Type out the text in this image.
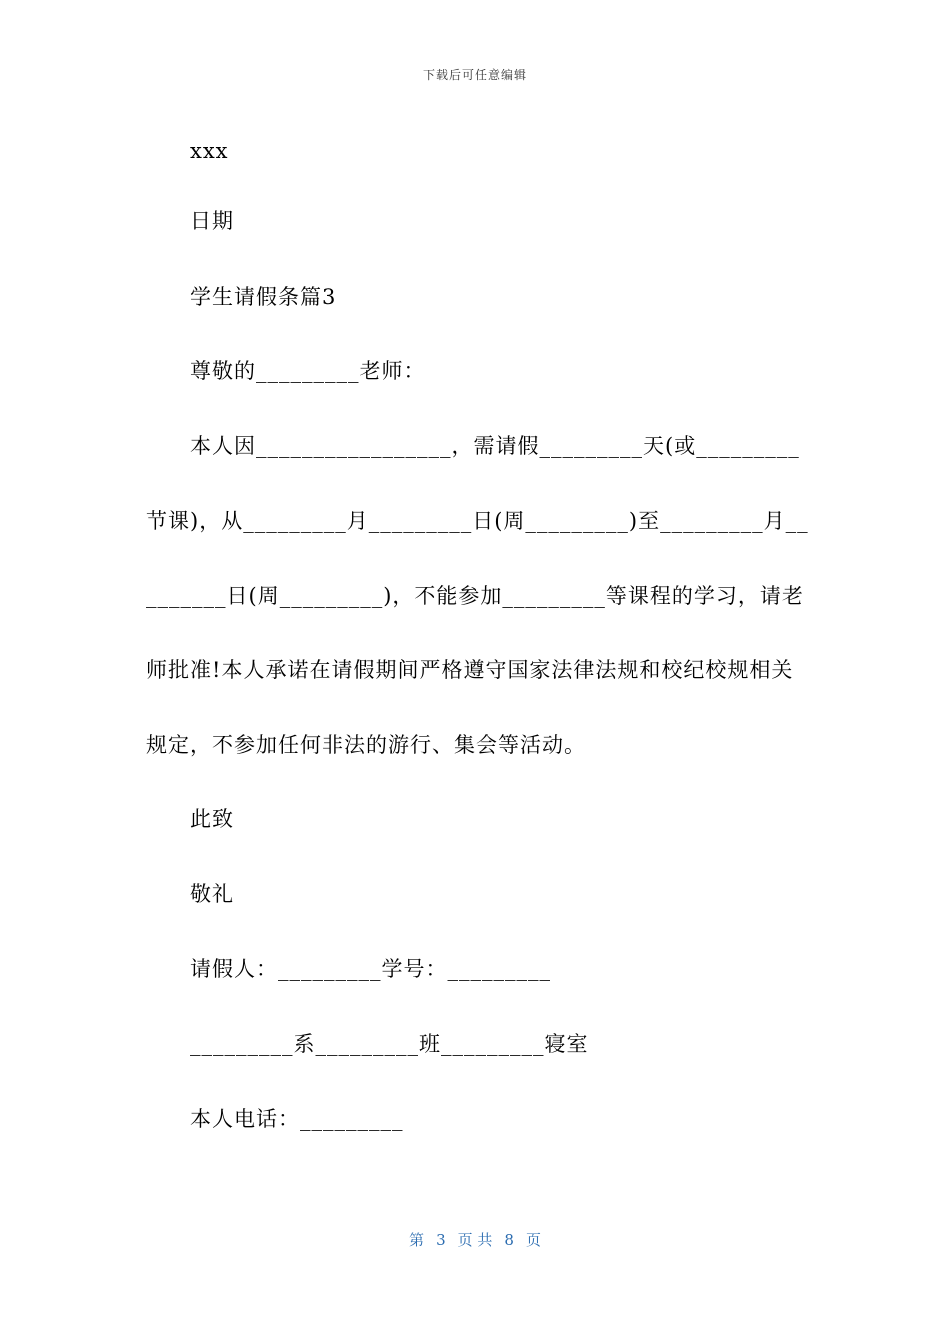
下载后可任意编辑
xxx
日期
学生请假条篇3
尊敬的_________老师：
本人因_________________，需请假_________天(或_________
节课)，从_________月_________日(周_________)至_________月__
_______日(周_________)，不能参加_________等课程的学习，请老
师批准!本人承诺在请假期间严格遵守国家法律法规和校纪校规相关
规定，不参加任何非法的游行、集会等活动。
此致
敬礼
请假人：_________学号：_________
_________系_________班_________寝室
本人电话：_________
第 3 页 共 8 页
